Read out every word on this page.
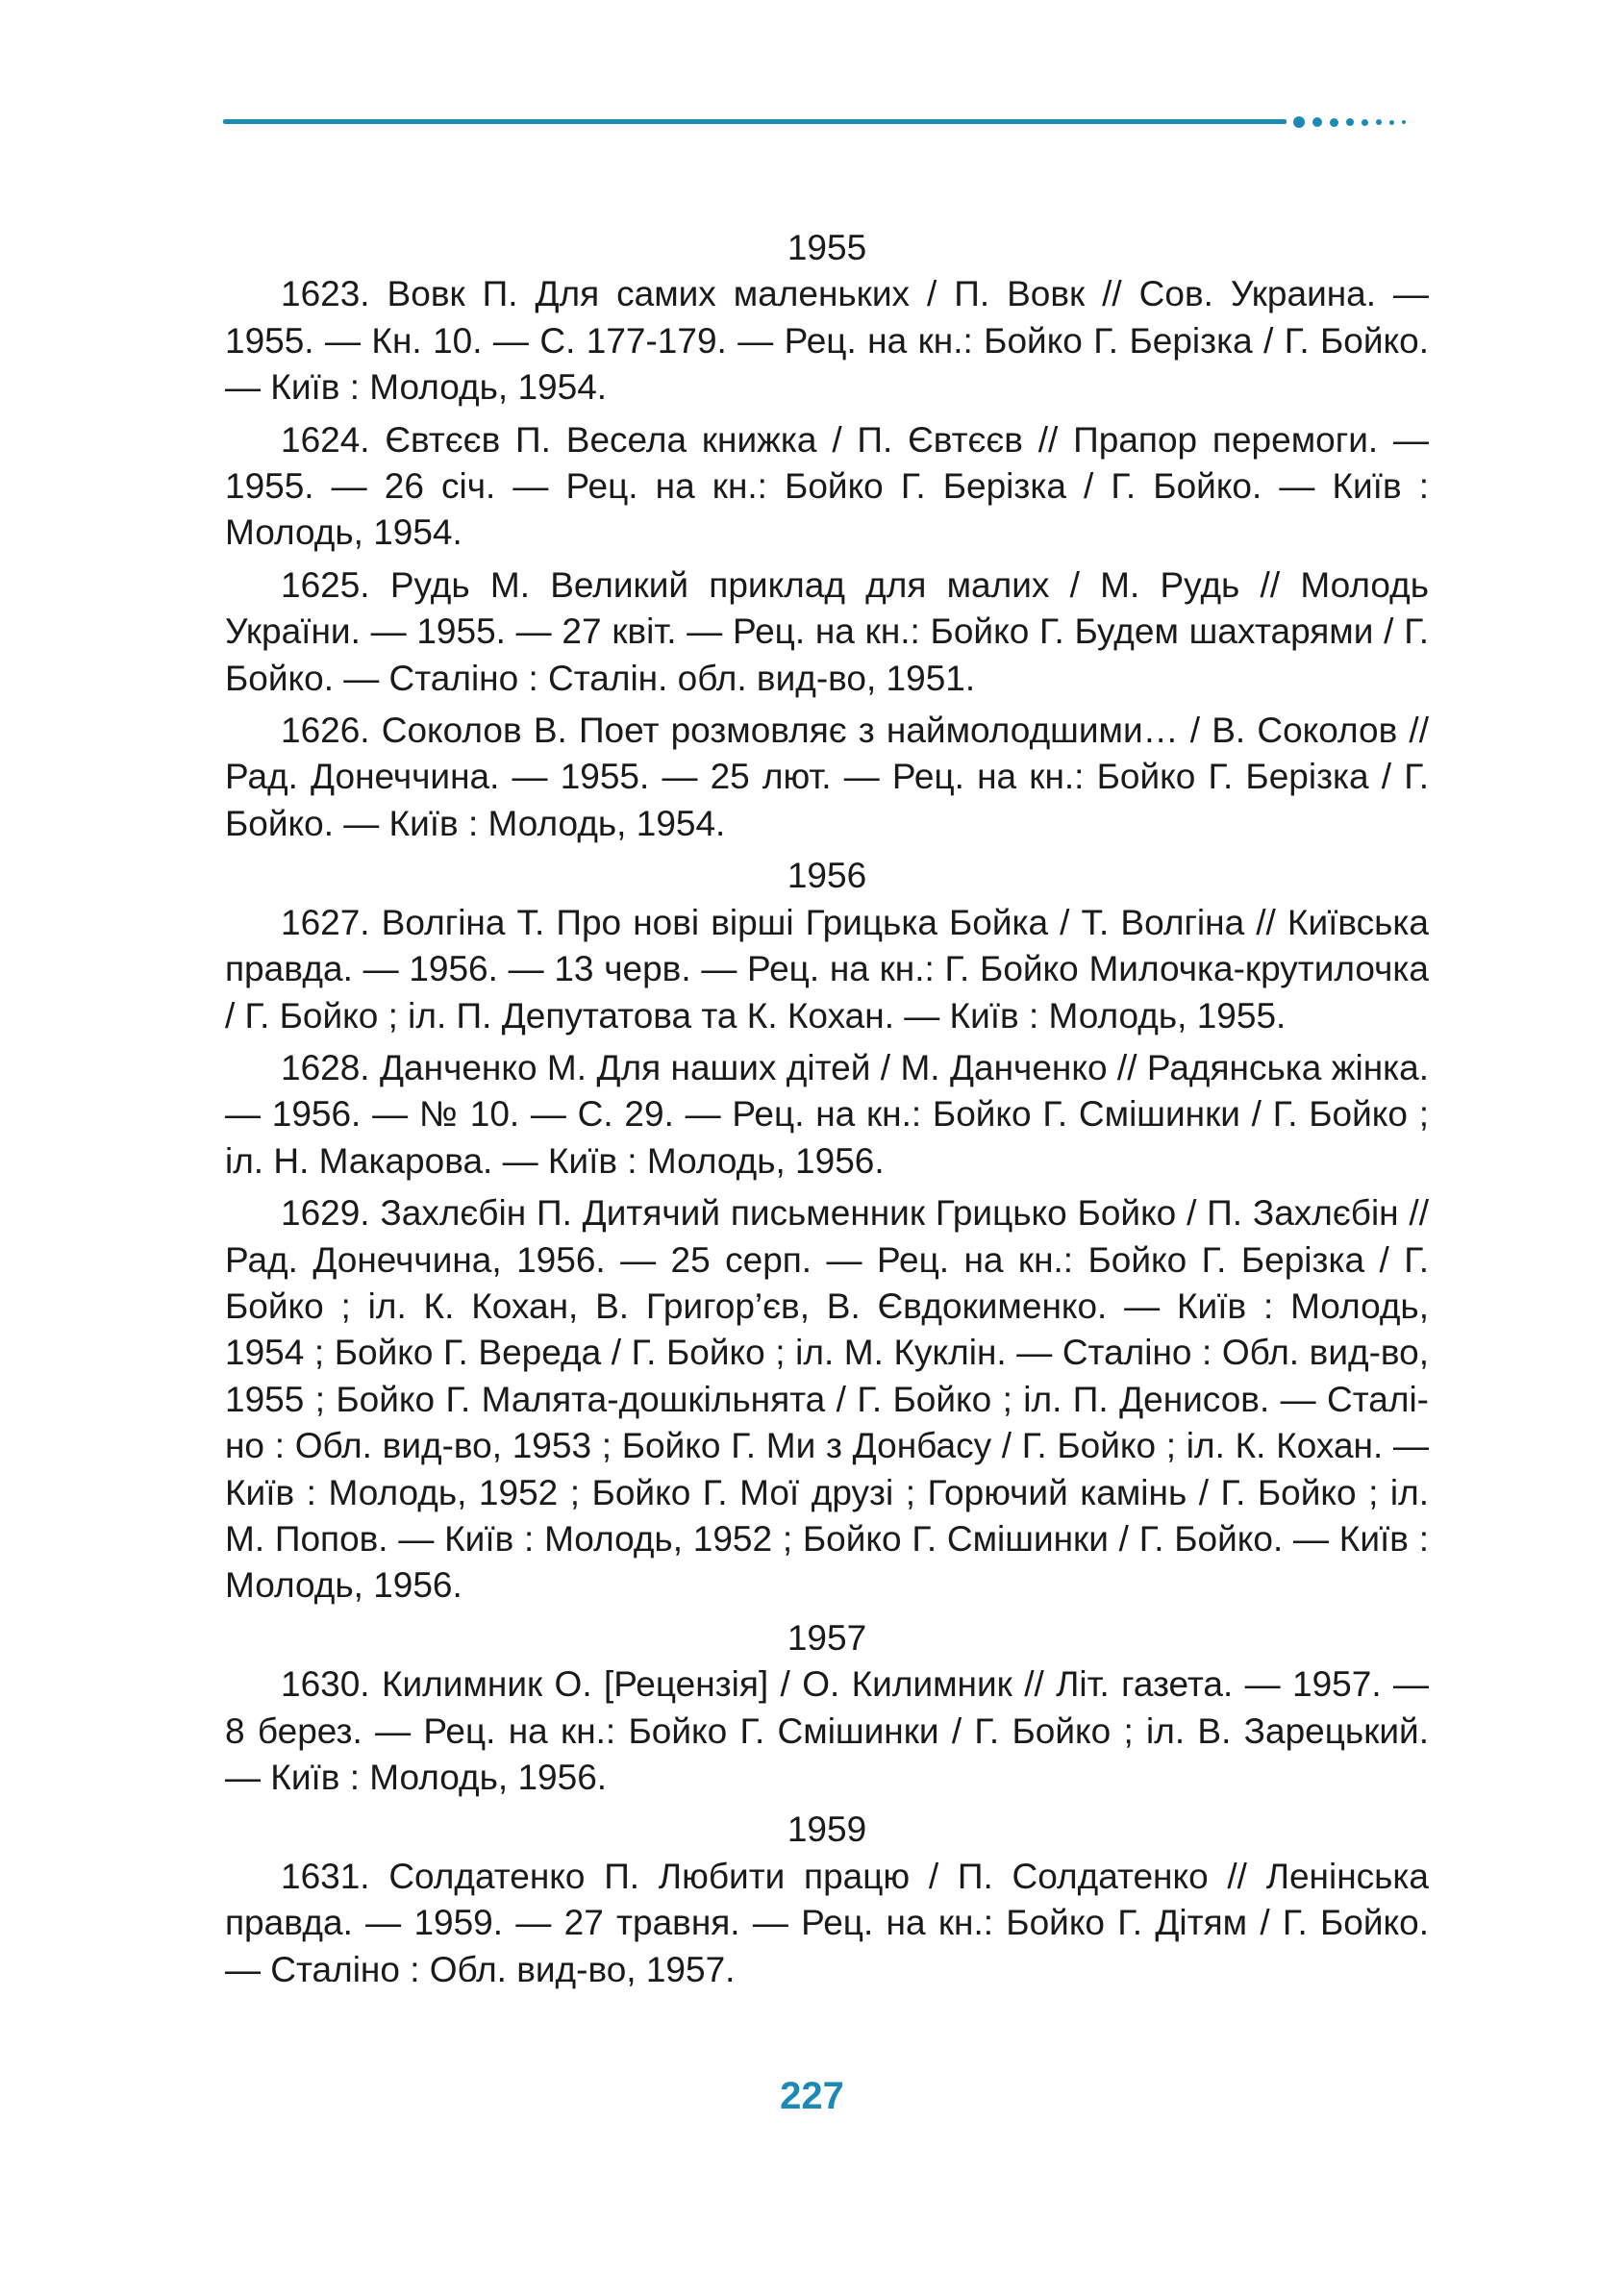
1955

1623. Вовк П. Для самих маленьких / П. Вовк // Сов. Украина. — 1955. — Кн. 10. — С. 177-179. — Рец. на кн.: Бойко Г. Берізка / Г. Бойко. — Київ : Молодь, 1954.

1624. Євтєєв П. Весела книжка / П. Євтєєв // Прапор перемоги. — 1955. — 26 січ. — Рец. на кн.: Бойко Г. Берізка / Г. Бойко. — Київ : Молодь, 1954.

1625. Рудь М. Великий приклад для малих / М. Рудь // Молодь України. — 1955. — 27 квіт. — Рец. на кн.: Бойко Г. Будем шахтарями / Г. Бойко. — Сталіно : Сталін. обл. вид-во, 1951.

1626. Соколов В. Поет розмовляє з наймолодшими… / В. Соколов // Рад. Донеччина. — 1955. — 25 лют. — Рец. на кн.: Бойко Г. Берізка / Г. Бойко. — Київ : Молодь, 1954.

1956

1627. Волгіна Т. Про нові вірші Грицька Бойка / Т. Волгіна // Київська правда. — 1956. — 13 черв. — Рец. на кн.: Г. Бойко Милочка-крутилочка / Г. Бойко ; іл. П. Депутатова та К. Кохан. — Київ : Молодь, 1955.

1628. Данченко М. Для наших дітей / М. Данченко // Радянська жінка. — 1956. — № 10. — С. 29. — Рец. на кн.: Бойко Г. Смішинки / Г. Бойко ; іл. Н. Макарова. — Київ : Молодь, 1956.

1629. Захлєбін П. Дитячий письменник Грицько Бойко / П. Захлєбін // Рад. Донеччина, 1956. — 25 серп. — Рец. на кн.: Бойко Г. Берізка / Г. Бойко ; іл. К. Кохан, В. Григор’єв, В. Євдокименко. — Київ : Молодь, 1954 ; Бойко Г. Вереда / Г. Бойко ; іл. М. Куклін. — Сталіно : Обл. вид-во, 1955 ; Бойко Г. Малята-дошкільнята / Г. Бойко ; іл. П. Денисов. — Сталіно : Обл. вид-во, 1953 ; Бойко Г. Ми з Донбасу / Г. Бойко ; іл. К. Кохан. — Київ : Молодь, 1952 ; Бойко Г. Мої друзі ; Горючий камінь / Г. Бойко ; іл. М. Попов. — Київ : Молодь, 1952 ; Бойко Г. Смішинки / Г. Бойко. — Київ : Молодь, 1956.

1957

1630. Килимник О. [Рецензія] / О. Килимник // Літ. газета. — 1957. — 8 берез. — Рец. на кн.: Бойко Г. Смішинки / Г. Бойко ; іл. В. Зарецький. — Київ : Молодь, 1956.

1959

1631. Солдатенко П. Любити працю / П. Солдатенко // Ленінська правда. — 1959. — 27 травня. — Рец. на кн.: Бойко Г. Дітям / Г. Бойко. — Сталіно : Обл. вид-во, 1957.

227
